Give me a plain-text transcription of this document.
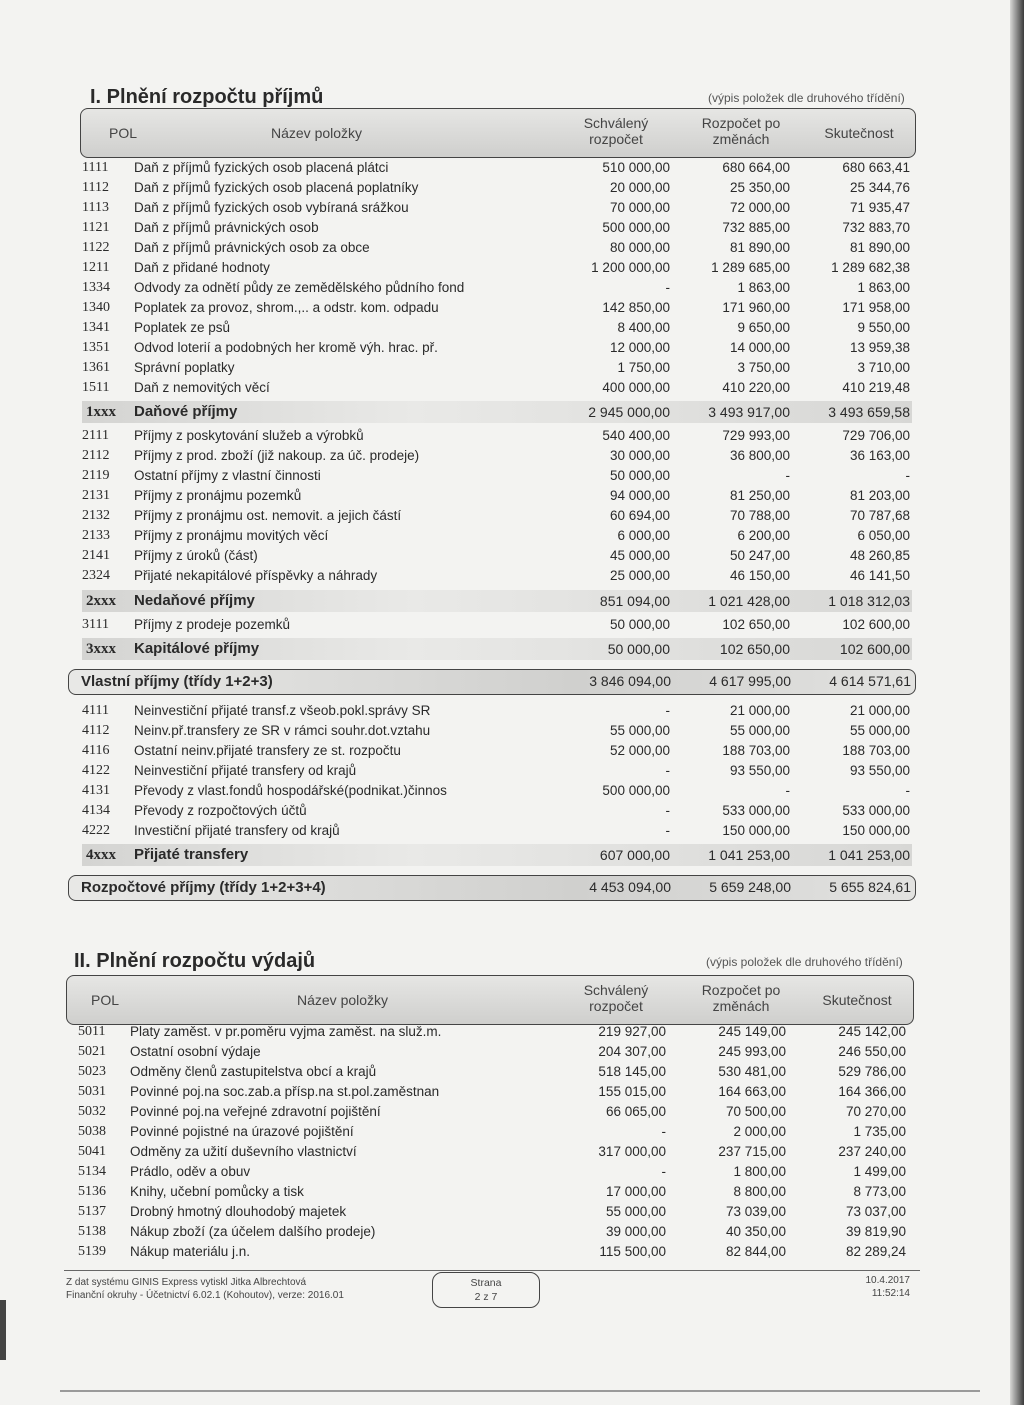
I. Plnění rozpočtu příjmů	(výpis položek dle druhového třídění)
POL	Název položky
Schválený
rozpočet
Rozpočet po
změnách	Skutečnost
1111	Daň z příjmů fyzických osob placená plátci	510 000,00	680 664,00	680 663,41
1112	Daň z příjmů fyzických osob placená poplatníky	20 000,00	25 350,00	25 344,76
1113	Daň z příjmů fyzických osob vybíraná srážkou	70 000,00	72 000,00	71 935,47
1121	Daň z příjmů právnických osob	500 000,00	732 885,00	732 883,70
1122	Daň z příjmů právnických osob za obce	80 000,00	81 890,00	81 890,00
1211	Daň z přidané hodnoty	1 200 000,00	1 289 685,00	1 289 682,38
1334	Odvody za odnětí půdy ze zemědělského půdního fond	-	1 863,00	1 863,00
1340	Poplatek za provoz, shrom.,.. a odstr. kom. odpadu	142 850,00	171 960,00	171 958,00
1341	Poplatek ze psů	8 400,00	9 650,00	9 550,00
1351	Odvod loterií a podobných her kromě výh. hrac. př.	12 000,00	14 000,00	13 959,38
1361	Správní poplatky	1 750,00	3 750,00	3 710,00
1511	Daň z nemovitých věcí	400 000,00	410 220,00	410 219,48
1xxx Daňové příjmy	2 945 000,00	3 493 917,00	3 493 659,58
2111	Příjmy z poskytování služeb a výrobků	540 400,00	729 993,00	729 706,00
2112	Příjmy z prod. zboží (již nakoup. za úč. prodeje)	30 000,00	36 800,00	36 163,00
2119	Ostatní příjmy z vlastní činnosti	50 000,00	-	-
2131	Příjmy z pronájmu pozemků	94 000,00	81 250,00	81 203,00
2132	Příjmy z pronájmu ost. nemovit. a jejich částí	60 694,00	70 788,00	70 787,68
2133	Příjmy z pronájmu movitých věcí	6 000,00	6 200,00	6 050,00
2141	Příjmy z úroků (část)	45 000,00	50 247,00	48 260,85
2324	Přijaté nekapitálové příspěvky a náhrady	25 000,00	46 150,00	46 141,50
2xxx Nedaňové příjmy	851 094,00	1 021 428,00	1 018 312,03
3111	Příjmy z prodeje pozemků	50 000,00	102 650,00	102 600,00
3xxx Kapitálové příjmy	50 000,00	102 650,00	102 600,00
Vlastní příjmy (třídy 1+2+3)	3 846 094,00	4 617 995,00	4 614 571,61
4111	Neinvestiční přijaté transf.z všeob.pokl.správy SR	-	21 000,00	21 000,00
4112	Neinv.př.transfery ze SR v rámci souhr.dot.vztahu	55 000,00	55 000,00	55 000,00
4116	Ostatní neinv.přijaté transfery ze st. rozpočtu	52 000,00	188 703,00	188 703,00
4122	Neinvestiční přijaté transfery od krajů	-	93 550,00	93 550,00
4131	Převody z vlast.fondů hospodářské(podnikat.)činnos	500 000,00	-	-
4134	Převody z rozpočtových účtů	-	533 000,00	533 000,00
4222	Investiční přijaté transfery od krajů	-	150 000,00	150 000,00
4xxx Přijaté transfery	607 000,00	1 041 253,00	1 041 253,00
Rozpočtové příjmy (třídy 1+2+3+4)	4 453 094,00	5 659 248,00	5 655 824,61
II. Plnění rozpočtu výdajů	(výpis položek dle druhového třídění)
POL	Název položky
Schválený
rozpočet
Rozpočet po
změnách	Skutečnost
5011	Platy zaměst. v pr.poměru vyjma zaměst. na služ.m.	219 927,00	245 149,00	245 142,00
5021	Ostatní osobní výdaje	204 307,00	245 993,00	246 550,00
5023	Odměny členů zastupitelstva obcí a krajů	518 145,00	530 481,00	529 786,00
5031	Povinné poj.na soc.zab.a přísp.na st.pol.zaměstnan	155 015,00	164 663,00	164 366,00
5032	Povinné poj.na veřejné zdravotní pojištění	66 065,00	70 500,00	70 270,00
5038	Povinné pojistné na úrazové pojištění	-	2 000,00	1 735,00
5041	Odměny za užití duševního vlastnictví	317 000,00	237 715,00	237 240,00
5134	Prádlo, oděv a obuv	-	1 800,00	1 499,00
5136	Knihy, učební pomůcky a tisk	17 000,00	8 800,00	8 773,00
5137	Drobný hmotný dlouhodobý majetek	55 000,00	73 039,00	73 037,00
5138	Nákup zboží (za účelem dalšího prodeje)	39 000,00	40 350,00	39 819,90
5139	Nákup materiálu j.n.	115 500,00	82 844,00	82 289,24
Z dat systému GINIS Express vytiskl Jitka Albrechtová
Finanční okruhy - Účetnictví 6.02.1 (Kohoutov), verze: 2016.01
Strana
2 z 7
10.4.2017
11:52:14
